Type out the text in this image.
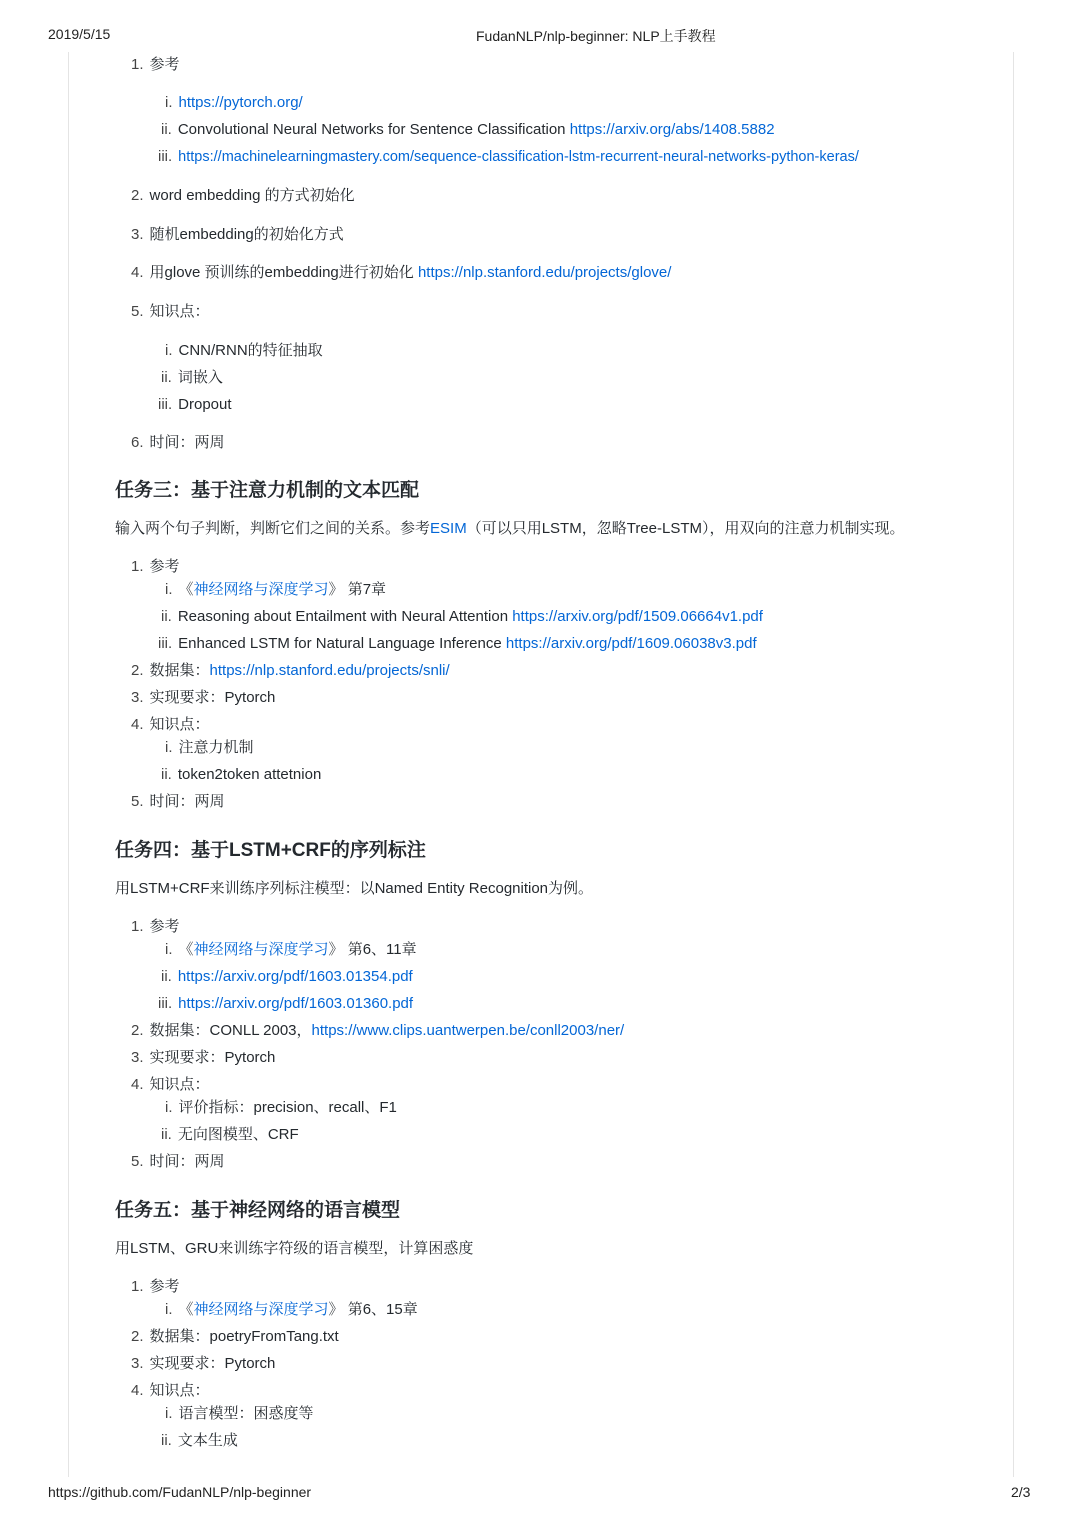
2019/5/15	FudanNLP/nlp-beginner: NLP上手教程
https://github.com/FudanNLP/nlp-beginner	2/3
1. 参考
i. https://pytorch.org/
ii. Convolutional Neural Networks for Sentence Classification https://arxiv.org/abs/1408.5882
iii. https://machinelearningmastery.com/sequence-classification-lstm-recurrent-neural-networks-python-keras/
2. word embedding 的方式初始化
3. 随机embedding的初始化方式
4. 用glove 预训练的embedding进行初始化 https://nlp.stanford.edu/projects/glove/
5. 知识点：
i. CNN/RNN的特征抽取
ii. 词嵌入
iii. Dropout
6. 时间：两周
任务三：基于注意力机制的文本匹配
输入两个句子判断，判断它们之间的关系。参考ESIM（可以只用LSTM，忽略Tree-LSTM），用双向的注意力机制实现。
1. 参考
i. 《神经网络与深度学习》 第7章
ii. Reasoning about Entailment with Neural Attention https://arxiv.org/pdf/1509.06664v1.pdf
iii. Enhanced LSTM for Natural Language Inference https://arxiv.org/pdf/1609.06038v3.pdf
2. 数据集：https://nlp.stanford.edu/projects/snli/
3. 实现要求：Pytorch
4. 知识点：
i. 注意力机制
ii. token2token attetnion
5. 时间：两周
任务四：基于LSTM+CRF的序列标注
用LSTM+CRF来训练序列标注模型：以Named Entity Recognition为例。
1. 参考
i. 《神经网络与深度学习》 第6、11章
ii. https://arxiv.org/pdf/1603.01354.pdf
iii. https://arxiv.org/pdf/1603.01360.pdf
2. 数据集：CONLL 2003，https://www.clips.uantwerpen.be/conll2003/ner/
3. 实现要求：Pytorch
4. 知识点：
i. 评价指标：precision、recall、F1
ii. 无向图模型、CRF
5. 时间：两周
任务五：基于神经网络的语言模型
用LSTM、GRU来训练字符级的语言模型，计算困惑度
1. 参考
i. 《神经网络与深度学习》 第6、15章
2. 数据集：poetryFromTang.txt
3. 实现要求：Pytorch
4. 知识点：
i. 语言模型：困惑度等
ii. 文本生成
